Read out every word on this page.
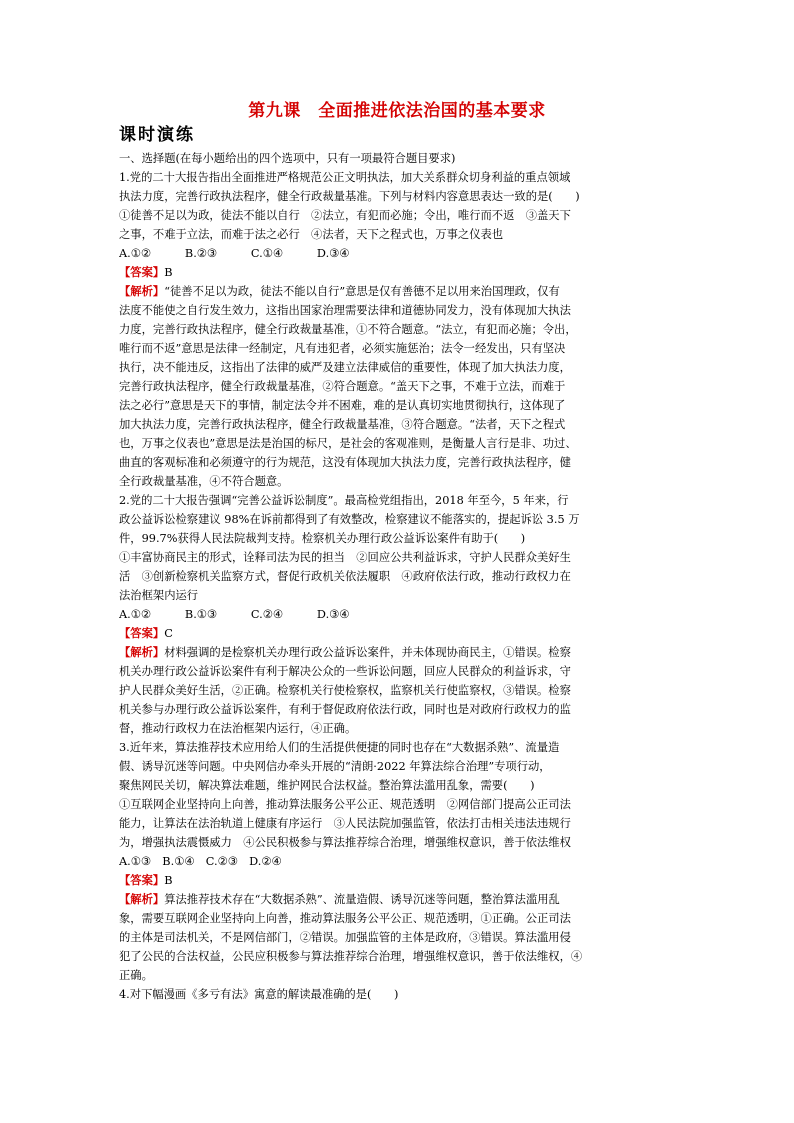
第九课　全面推进依法治国的基本要求
课时演练
一、选择题(在每小题给出的四个选项中，只有一项最符合题目要求)
1.党的二十大报告指出全面推进严格规范公正文明执法，加大关系群众切身利益的重点领域
执法力度，完善行政执法程序，健全行政裁量基准。下列与材料内容意思表达一致的是(　　)
①徒善不足以为政，徒法不能以自行　②法立，有犯而必施；令出，唯行而不返　③盖天下
之事，不难于立法，而难于法之必行　④法者，天下之程式也，万事之仪表也
A.①②　　　B.②③　　　C.①④　　　D.③④
【答案】B
【解析】“徒善不足以为政，徒法不能以自行”意思是仅有善德不足以用来治国理政，仅有
法度不能使之自行发生效力，这指出国家治理需要法律和道德协同发力，没有体现加大执法
力度，完善行政执法程序，健全行政裁量基准，①不符合题意。“法立，有犯而必施；令出，
唯行而不返”意思是法律一经制定，凡有违犯者，必须实施惩治；法令一经发出，只有坚决
执行，决不能违反，这指出了法律的威严及建立法律威信的重要性，体现了加大执法力度，
完善行政执法程序，健全行政裁量基准，②符合题意。“盖天下之事，不难于立法，而难于
法之必行”意思是天下的事情，制定法令并不困难，难的是认真切实地贯彻执行，这体现了
加大执法力度，完善行政执法程序，健全行政裁量基准，③符合题意。“法者，天下之程式
也，万事之仪表也”意思是法是治国的标尺，是社会的客观准则，是衡量人言行是非、功过、
曲直的客观标准和必须遵守的行为规范，这没有体现加大执法力度，完善行政执法程序，健
全行政裁量基准，④不符合题意。
2.党的二十大报告强调“完善公益诉讼制度”。最高检党组指出，2018 年至今，5 年来，行
政公益诉讼检察建议 98%在诉前都得到了有效整改，检察建议不能落实的，提起诉讼 3.5 万
件，99.7%获得人民法院裁判支持。检察机关办理行政公益诉讼案件有助于(　　)
①丰富协商民主的形式，诠释司法为民的担当　②回应公共利益诉求，守护人民群众美好生
活　③创新检察机关监察方式，督促行政机关依法履职　④政府依法行政，推动行政权力在
法治框架内运行
A.①②　　　B.①③　　　C.②④　　　D.③④
【答案】C
【解析】材料强调的是检察机关办理行政公益诉讼案件，并未体现协商民主，①错误。检察
机关办理行政公益诉讼案件有利于解决公众的一些诉讼问题，回应人民群众的利益诉求，守
护人民群众美好生活，②正确。检察机关行使检察权，监察机关行使监察权，③错误。检察
机关参与办理行政公益诉讼案件，有利于督促政府依法行政，同时也是对政府行政权力的监
督，推动行政权力在法治框架内运行，④正确。
3.近年来，算法推荐技术应用给人们的生活提供便捷的同时也存在“大数据杀熟”、流量造
假、诱导沉迷等问题。中央网信办牵头开展的“清朗·2022 年算法综合治理”专项行动，
聚焦网民关切，解决算法难题，维护网民合法权益。整治算法滥用乱象，需要(　　)
①互联网企业坚持向上向善，推动算法服务公平公正、规范透明　②网信部门提高公正司法
能力，让算法在法治轨道上健康有序运行　③人民法院加强监管，依法打击相关违法违规行
为，增强执法震慑威力　④公民积极参与算法推荐综合治理，增强维权意识，善于依法维权
A.①③　B.①④　C.②③　D.②④
【答案】B
【解析】算法推荐技术存在“大数据杀熟”、流量造假、诱导沉迷等问题，整治算法滥用乱
象，需要互联网企业坚持向上向善，推动算法服务公平公正、规范透明，①正确。公正司法
的主体是司法机关，不是网信部门，②错误。加强监管的主体是政府，③错误。算法滥用侵
犯了公民的合法权益，公民应积极参与算法推荐综合治理，增强维权意识，善于依法维权，④
正确。
4.对下幅漫画《多亏有法》寓意的解读最准确的是(　　)
